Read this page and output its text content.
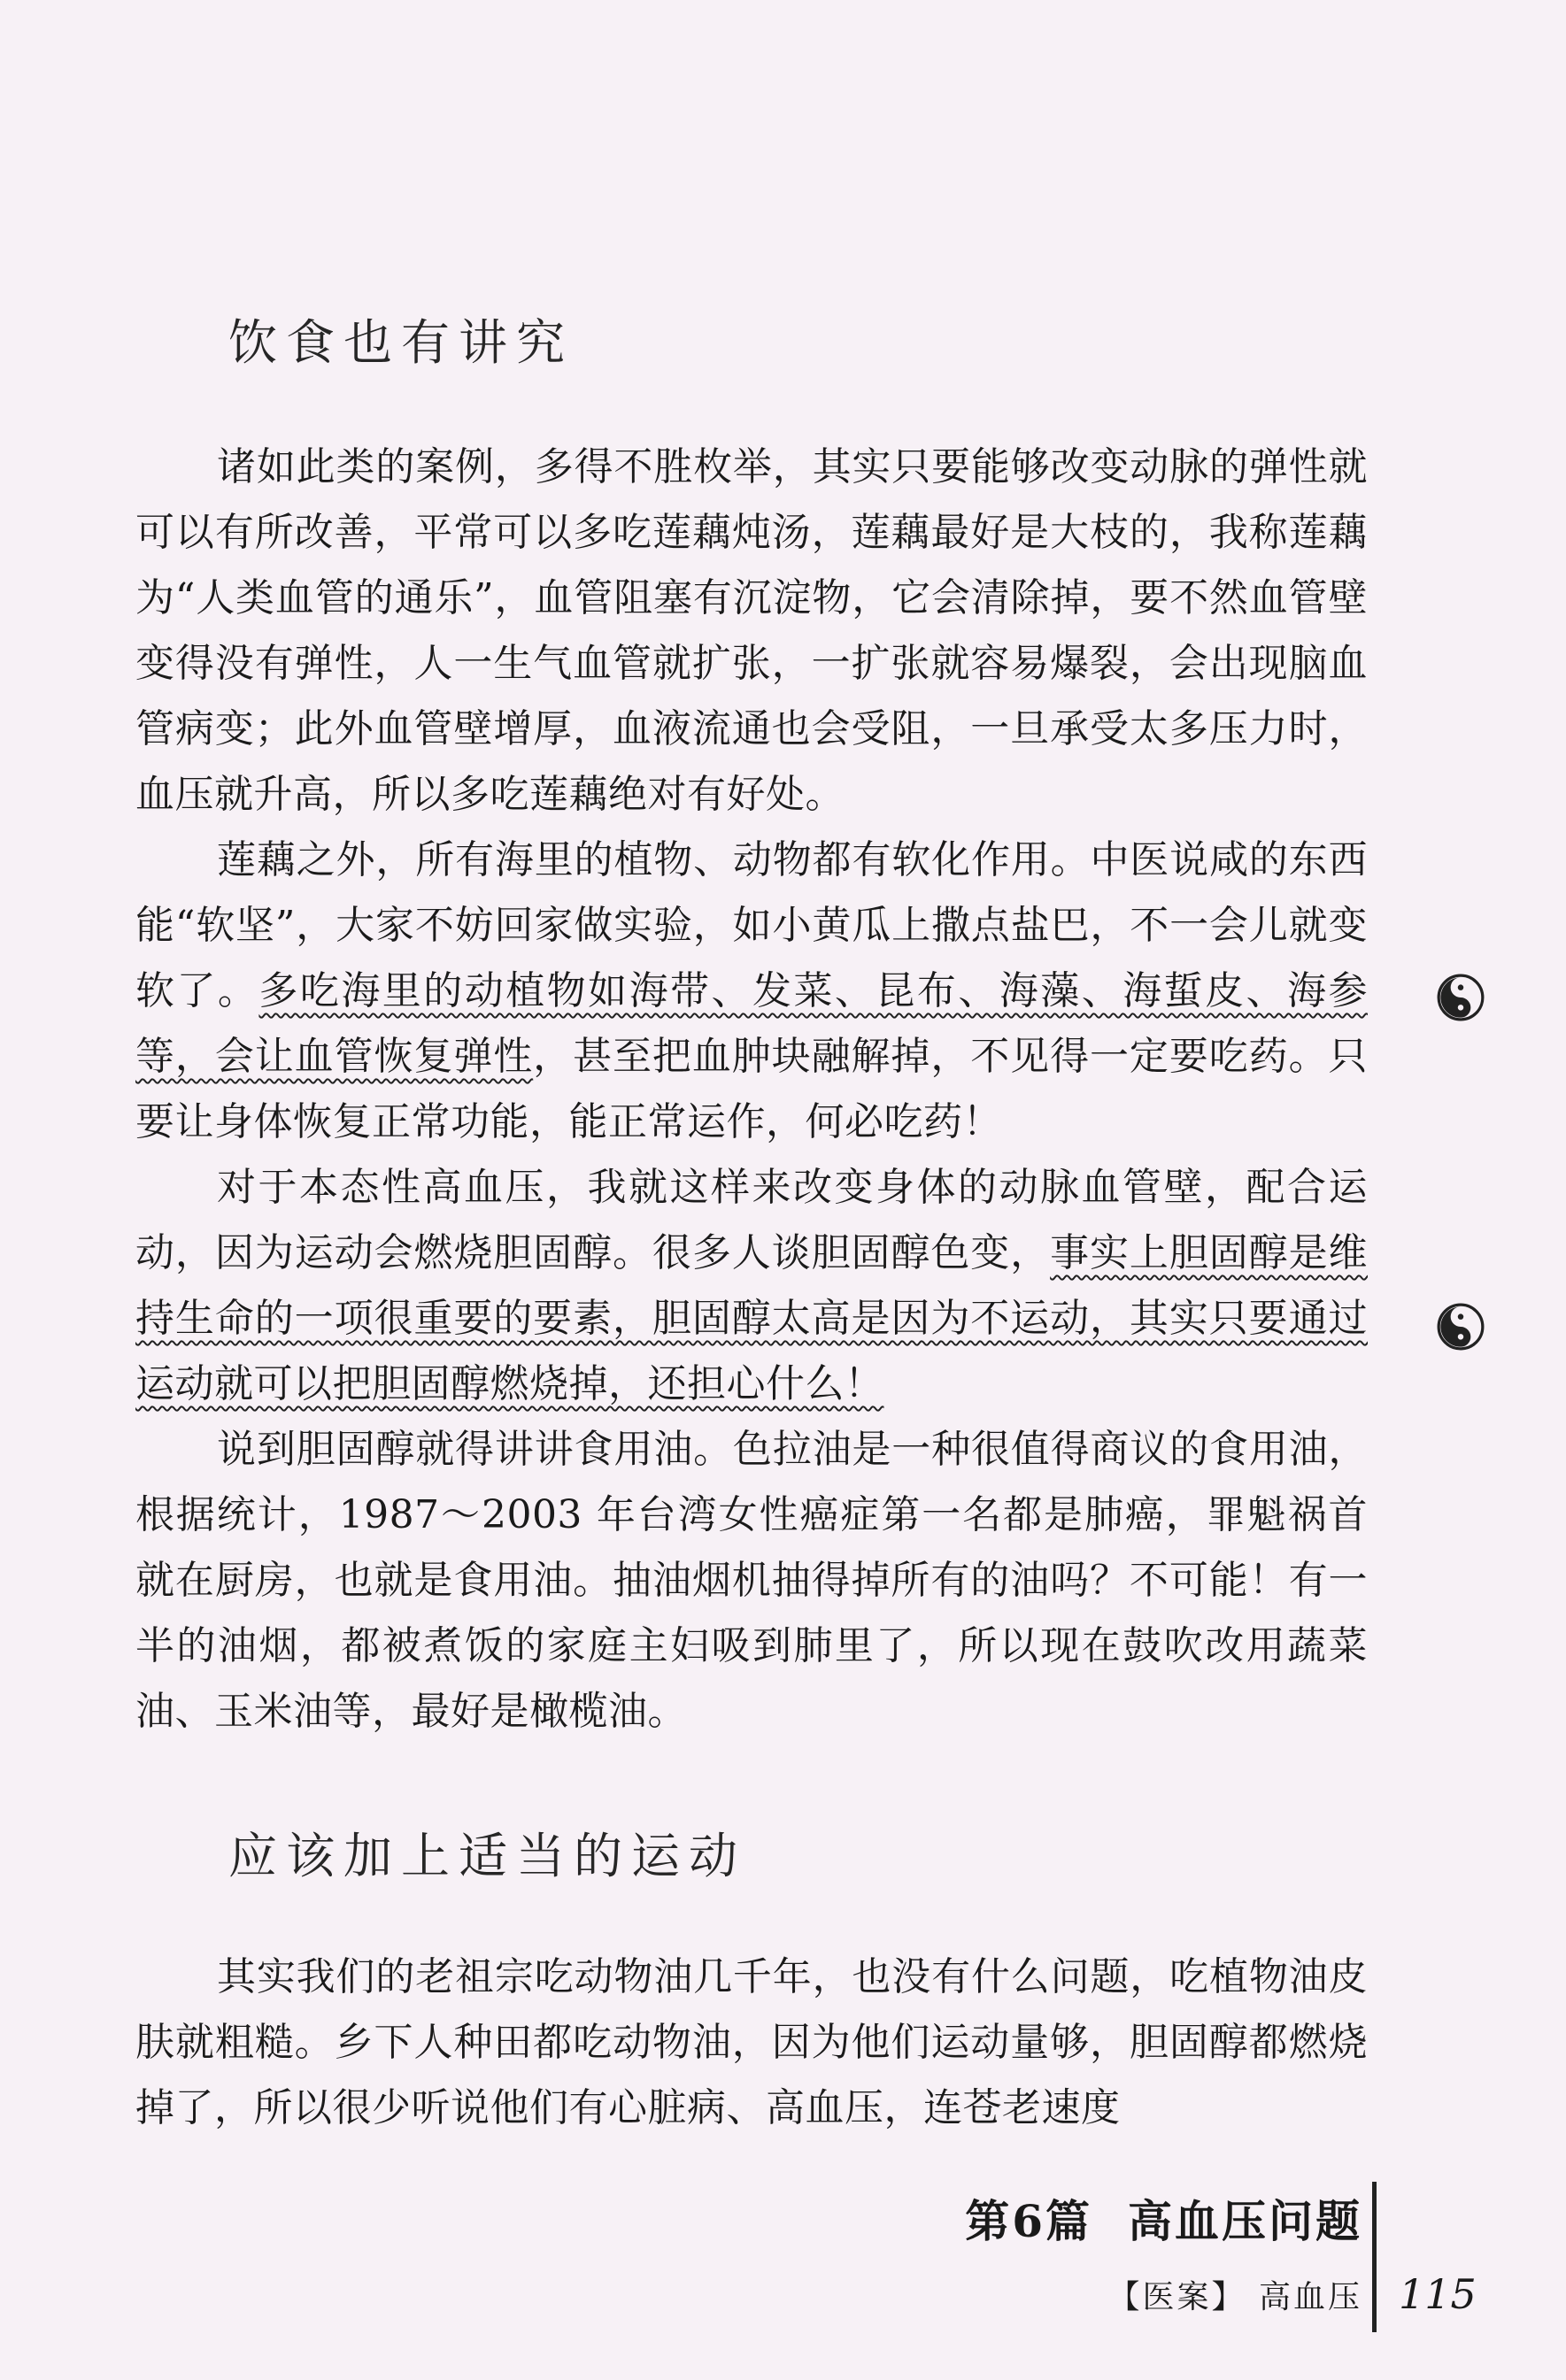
饮食也有讲究

诸如此类的案例，多得不胜枚举，其实只要能够改变动脉的弹性就可以有所改善，平常可以多吃莲藕炖汤，莲藕最好是大枝的，我称莲藕为“人类血管的通乐”，血管阻塞有沉淀物，它会清除掉，要不然血管壁变得没有弹性，人一生气血管就扩张，一扩张就容易爆裂，会出现脑血管病变；此外血管壁增厚，血液流通也会受阻，一旦承受太多压力时，血压就升高，所以多吃莲藕绝对有好处。

莲藕之外，所有海里的植物、动物都有软化作用。中医说咸的东西能“软坚”，大家不妨回家做实验，如小黄瓜上撒点盐巴，不一会儿就变软了。多吃海里的动植物如海带、发菜、昆布、海藻、海蜇皮、海参等，会让血管恢复弹性，甚至把血肿块融解掉，不见得一定要吃药。只要让身体恢复正常功能，能正常运作，何必吃药！

对于本态性高血压，我就这样来改变身体的动脉血管壁，配合运动，因为运动会燃烧胆固醇。很多人谈胆固醇色变，事实上胆固醇是维持生命的一项很重要的要素，胆固醇太高是因为不运动，其实只要通过运动就可以把胆固醇燃烧掉，还担心什么！

说到胆固醇就得讲讲食用油。色拉油是一种很值得商议的食用油，根据统计，1987～2003 年台湾女性癌症第一名都是肺癌，罪魁祸首就在厨房，也就是食用油。抽油烟机抽得掉所有的油吗？不可能！有一半的油烟，都被煮饭的家庭主妇吸到肺里了，所以现在鼓吹改用蔬菜油、玉米油等，最好是橄榄油。

应该加上适当的运动

其实我们的老祖宗吃动物油几千年，也没有什么问题，吃植物油皮肤就粗糙。乡下人种田都吃动物油，因为他们运动量够，胆固醇都燃烧掉了，所以很少听说他们有心脏病、高血压，连苍老速度

第6篇 高血压问题
【医案】 高血压 115
